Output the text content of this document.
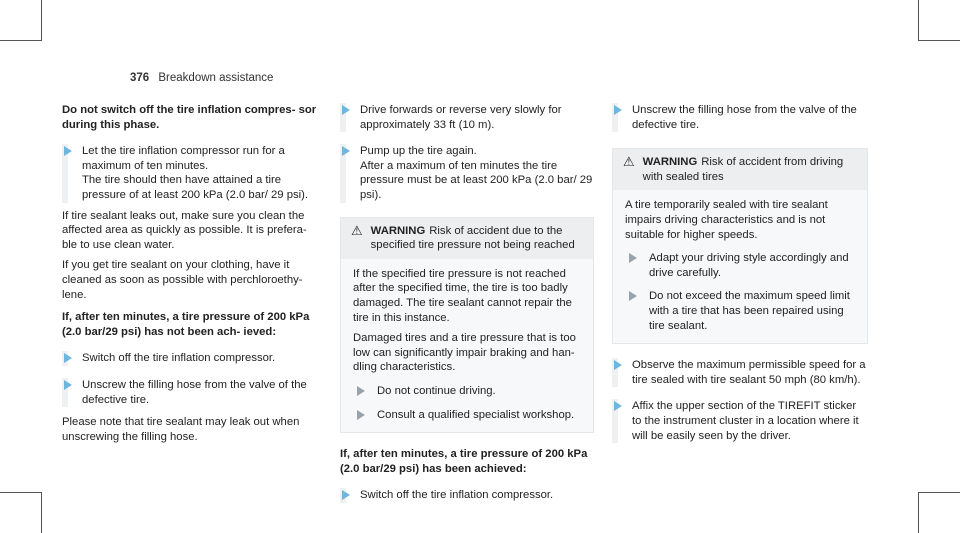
376 Breakdown assistance

Do not switch off the tire inflation compres- sor during this phase.

Let the tire inflation compressor run for a maximum of ten minutes.

The tire should then have attained a tire pressure of at least 200 kPa (2.0 bar/ 29 psi).

If tire sealant leaks out, make sure you clean the affected area as quickly as possible. It is prefera- ble to use clean water.

If you get tire sealant on your clothing, have it cleaned as soon as possible with perchloroethy- lene.

If, after ten minutes, a tire pressure of 200 kPa (2.0 bar/29 psi) has not been ach- ieved:

Switch off the tire inflation compressor.

Unscrew the filling hose from the valve of the defective tire.

Please note that tire sealant may leak out when unscrewing the filling hose.

Drive forwards or reverse very slowly for approximately 33 ft (10 m).

Pump up the tire again.

After a maximum of ten minutes the tire pressure must be at least 200 kPa (2.0 bar/ 29 psi).

⚠ WARNING Risk of accident due to the specified tire pressure not being reached

If the specified tire pressure is not reached after the specified time, the tire is too badly damaged. The tire sealant cannot repair the tire in this instance.

Damaged tires and a tire pressure that is too low can significantly impair braking and han- dling characteristics.

Do not continue driving.

Consult a qualified specialist workshop.

If, after ten minutes, a tire pressure of 200 kPa (2.0 bar/29 psi) has been achieved:

Switch off the tire inflation compressor.

Unscrew the filling hose from the valve of the defective tire.

⚠ WARNING Risk of accident from driving with sealed tires

A tire temporarily sealed with tire sealant impairs driving characteristics and is not suitable for higher speeds.

Adapt your driving style accordingly and drive carefully.

Do not exceed the maximum speed limit with a tire that has been repaired using tire sealant.

Observe the maximum permissible speed for a tire sealed with tire sealant 50 mph (80 km/h).

Affix the upper section of the TIREFIT sticker to the instrument cluster in a location where it will be easily seen by the driver.
